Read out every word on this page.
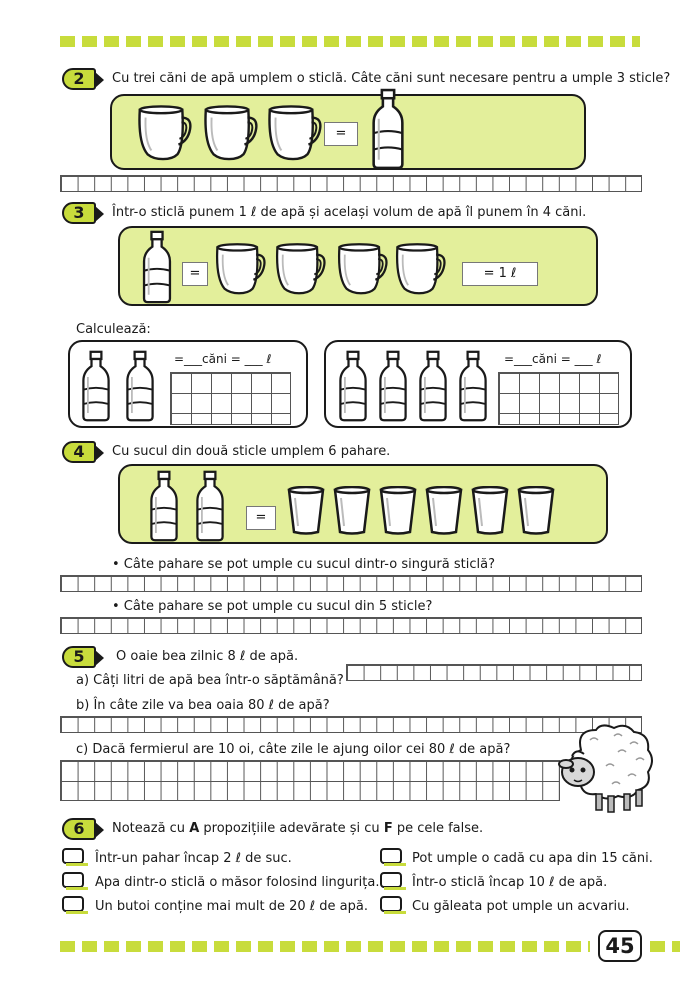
2	Cu trei căni de apă umplem o sticlă. Câte căni sunt necesare pentru a umple 3 sticle?
=
3	Într-o sticlă punem 1 ℓ de apă și același volum de apă îl punem în 4 căni.
=	= 1 ℓ
Calculează:
=___căni = ___ ℓ	=___căni = ___ ℓ
4	Cu sucul din două sticle umplem 6 pahare.
=
• Câte pahare se pot umple cu sucul dintr-o singură sticlă?
• Câte pahare se pot umple cu sucul din 5 sticle?
5	O oaie bea zilnic 8 ℓ de apă.
a) Câți litri de apă bea într-o săptămână?
b) În câte zile va bea oaia 80 ℓ de apă?
c) Dacă fermierul are 10 oi, câte zile le ajung oilor cei 80 ℓ de apă?
6	Notează cu A propozițiile adevărate și cu F pe cele false.
Într-un pahar încap 2 ℓ de suc.
Apa dintr-o sticlă o măsor folosind lingurița.
Un butoi conține mai mult de 20 ℓ de apă.
Pot umple o cadă cu apa din 15 căni.
Într-o sticlă încap 10 ℓ de apă.
Cu găleata pot umple un acvariu.
45
